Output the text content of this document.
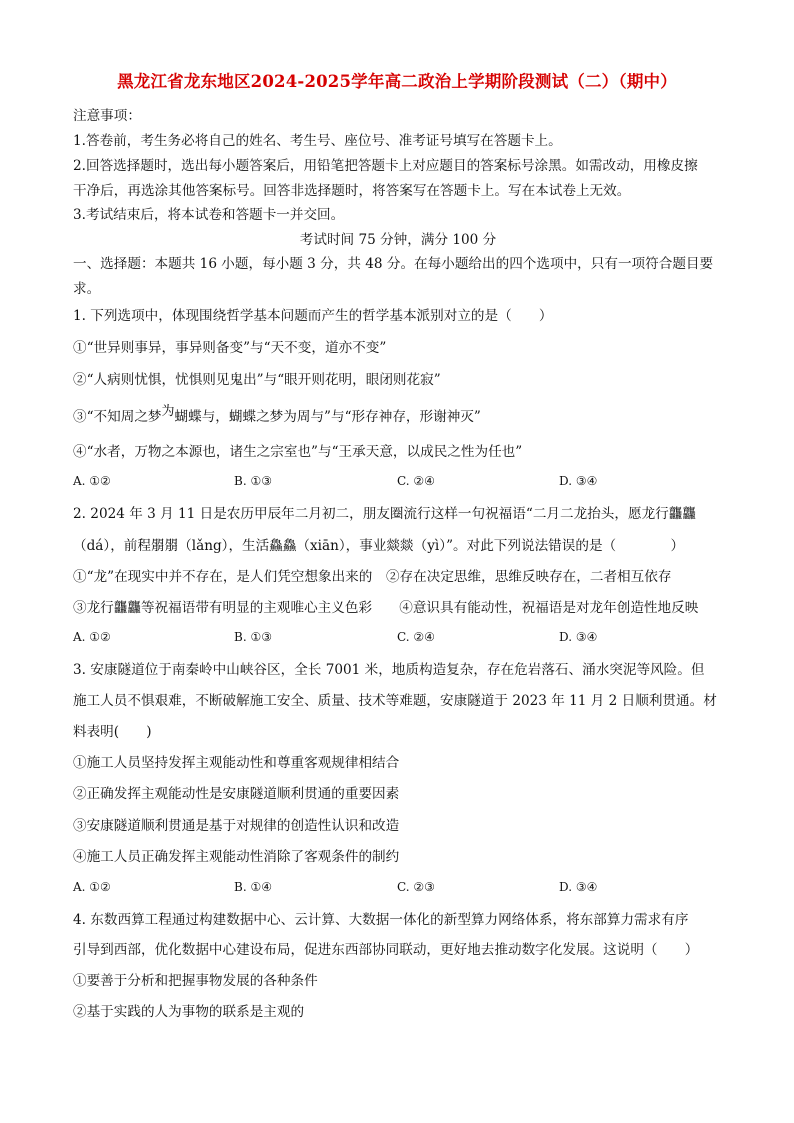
黑龙江省龙东地区2024-2025学年高二政治上学期阶段测试（二）（期中）
注意事项：
1.答卷前，考生务必将自己的姓名、考生号、座位号、准考证号填写在答题卡上。
2.回答选择题时，选出每小题答案后，用铅笔把答题卡上对应题目的答案标号涂黑。如需改动，用橡皮擦
干净后，再选涂其他答案标号。回答非选择题时，将答案写在答题卡上。写在本试卷上无效。
3.考试结束后，将本试卷和答题卡一并交回。
考试时间 75 分钟，满分 100 分
一、选择题：本题共 16 小题，每小题 3 分，共 48 分。在每小题给出的四个选项中，只有一项符合题目要
求。
1. 下列选项中，体现围绕哲学基本问题而产生的哲学基本派别对立的是（　　）
①“世异则事异，事异则备变”与“天不变，道亦不变”
②“人病则忧惧，忧惧则见鬼出”与“眼开则花明，眼闭则花寂”
③“不知周之梦为蝴蝶与，蝴蝶之梦为周与”与“形存神存，形谢神灭”
④“水者，万物之本源也，诸生之宗室也”与“王承天意，以成民之性为任也”
A. ①②	B. ①③	C. ②④	D. ③④
2. 2024 年 3 月 11 日是农历甲辰年二月初二，朋友圈流行这样一句祝福语“二月二龙抬头，愿龙行龘龘
（dá），前程朤朤（lǎng），生活鱻鱻（xiān），事业燚燚（yì）”。对此下列说法错误的是（　　　　）
①“龙”在现实中并不存在，是人们凭空想象出来的　②存在决定思维，思维反映存在，二者相互依存
③龙行龘龘等祝福语带有明显的主观唯心主义色彩　　④意识具有能动性，祝福语是对龙年创造性地反映
A. ①②	B. ①③	C. ②④	D. ③④
3. 安康隧道位于南秦岭中山峡谷区，全长 7001 米，地质构造复杂，存在危岩落石、涌水突泥等风险。但
施工人员不惧艰难，不断破解施工安全、质量、技术等难题，安康隧道于 2023 年 11 月 2 日顺利贯通。材
料表明(　　)
①施工人员坚持发挥主观能动性和尊重客观规律相结合
②正确发挥主观能动性是安康隧道顺利贯通的重要因素
③安康隧道顺利贯通是基于对规律的创造性认识和改造
④施工人员正确发挥主观能动性消除了客观条件的制约
A. ①②	B. ①④	C. ②③	D. ③④
4. 东数西算工程通过构建数据中心、云计算、大数据一体化的新型算力网络体系，将东部算力需求有序
引导到西部，优化数据中心建设布局，促进东西部协同联动，更好地去推动数字化发展。这说明（　　）
①要善于分析和把握事物发展的各种条件
②基于实践的人为事物的联系是主观的
